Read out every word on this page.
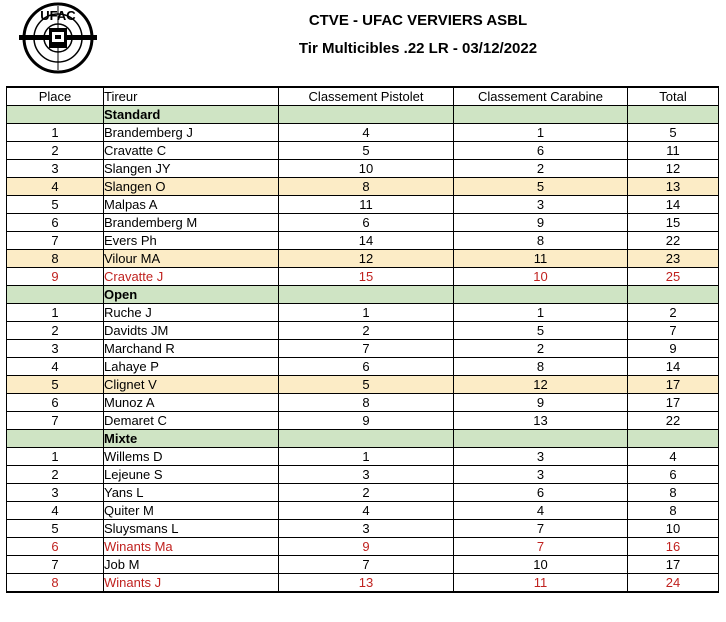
UFAC	CTVE - UFAC VERVIERS ASBL
Tir Multicibles .22 LR - 03/12/2022
Place	Tireur	Classement Pistolet	Classement Carabine	Total
	Standard			
1	Brandemberg J	4	1	5
2	Cravatte C	5	6	11
3	Slangen JY	10	2	12
4	Slangen O	8	5	13
5	Malpas A	11	3	14
6	Brandemberg M	6	9	15
7	Evers Ph	14	8	22
8	Vilour MA	12	11	23
9	Cravatte J	15	10	25
	Open			
1	Ruche J	1	1	2
2	Davidts JM	2	5	7
3	Marchand R	7	2	9
4	Lahaye P	6	8	14
5	Clignet V	5	12	17
6	Munoz A	8	9	17
7	Demaret C	9	13	22
	Mixte			
1	Willems D	1	3	4
2	Lejeune S	3	3	6
3	Yans L	2	6	8
4	Quiter M	4	4	8
5	Sluysmans L	3	7	10
6	Winants Ma	9	7	16
7	Job M	7	10	17
8	Winants J	13	11	24
